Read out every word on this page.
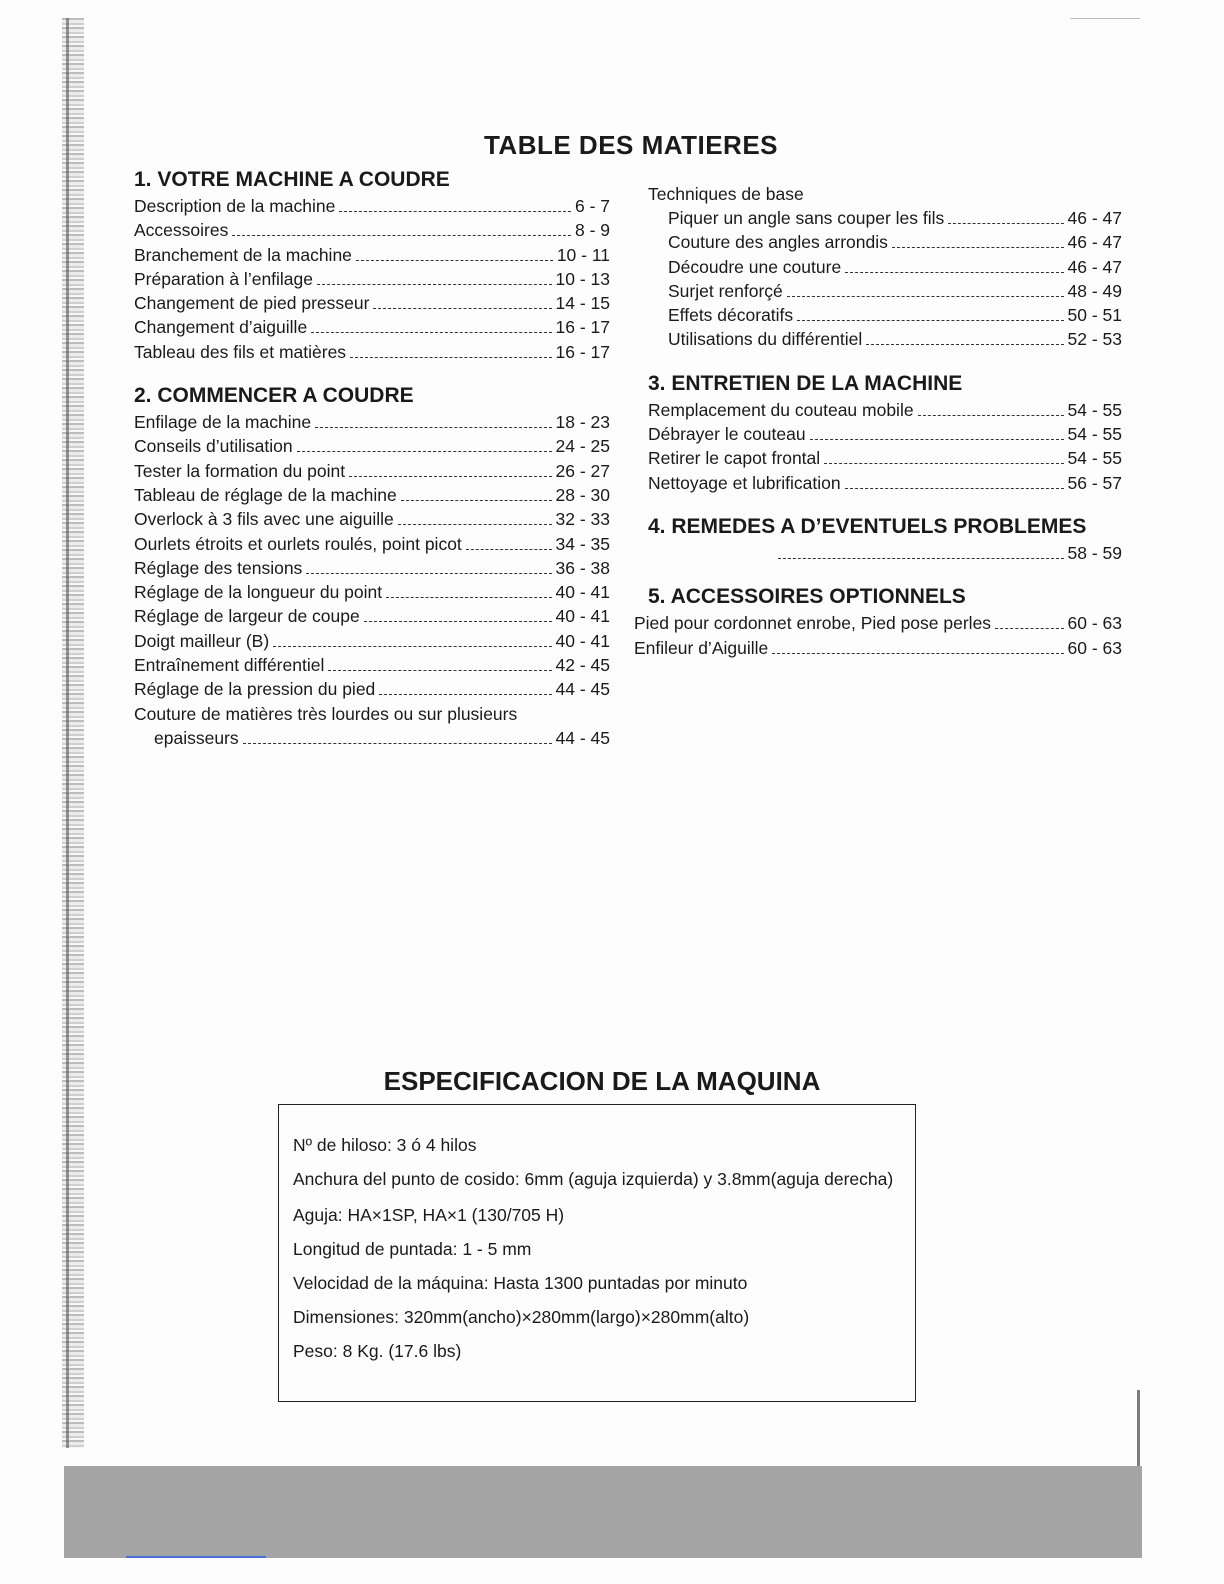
TABLE DES MATIERES
1. VOTRE MACHINE A COUDRE
Description de la machine	6 - 7
Accessoires	8 - 9
Branchement de la machine	10 - 11
Préparation à l’enfilage	10 - 13
Changement de pied presseur	14 - 15
Changement d’aiguille	16 - 17
Tableau des fils et matières	16 - 17
2. COMMENCER A COUDRE
Enfilage de la machine	18 - 23
Conseils d’utilisation	24 - 25
Tester la formation du point	26 - 27
Tableau de réglage de la machine	28 - 30
Overlock à 3 fils avec une aiguille	32 - 33
Ourlets étroits et ourlets roulés, point picot	34 - 35
Réglage des tensions	36 - 38
Réglage de la longueur du point	40 - 41
Réglage de largeur de coupe	40 - 41
Doigt mailleur (B)	40 - 41
Entraînement différentiel	42 - 45
Réglage de la pression du pied	44 - 45
Couture de matières très lourdes ou sur plusieurs
epaisseurs	44 - 45
Techniques de base
Piquer un angle sans couper les fils	46 - 47
Couture des angles arrondis	46 - 47
Découdre une couture	46 - 47
Surjet renforçé	48 - 49
Effets décoratifs	50 - 51
Utilisations du différentiel	52 - 53
3. ENTRETIEN DE LA MACHINE
Remplacement du couteau mobile	54 - 55
Débrayer le couteau	54 - 55
Retirer le capot frontal	54 - 55
Nettoyage et lubrification	56 - 57
4. REMEDES A D’EVENTUELS PROBLEMES
58 - 59
5. ACCESSOIRES OPTIONNELS
Pied pour cordonnet enrobe, Pied pose perles	60 - 63
Enfileur d’Aiguille	60 - 63
ESPECIFICACION DE LA MAQUINA
Nº de hiloso: 3 ó 4 hilos
Anchura del punto de cosido: 6mm (aguja izquierda) y 3.8mm(aguja derecha)
Aguja: HA×1SP, HA×1 (130/705 H)
Longitud de puntada: 1 - 5 mm
Velocidad de la máquina: Hasta 1300 puntadas por minuto
Dimensiones: 320mm(ancho)×280mm(largo)×280mm(alto)
Peso: 8 Kg. (17.6 lbs)
